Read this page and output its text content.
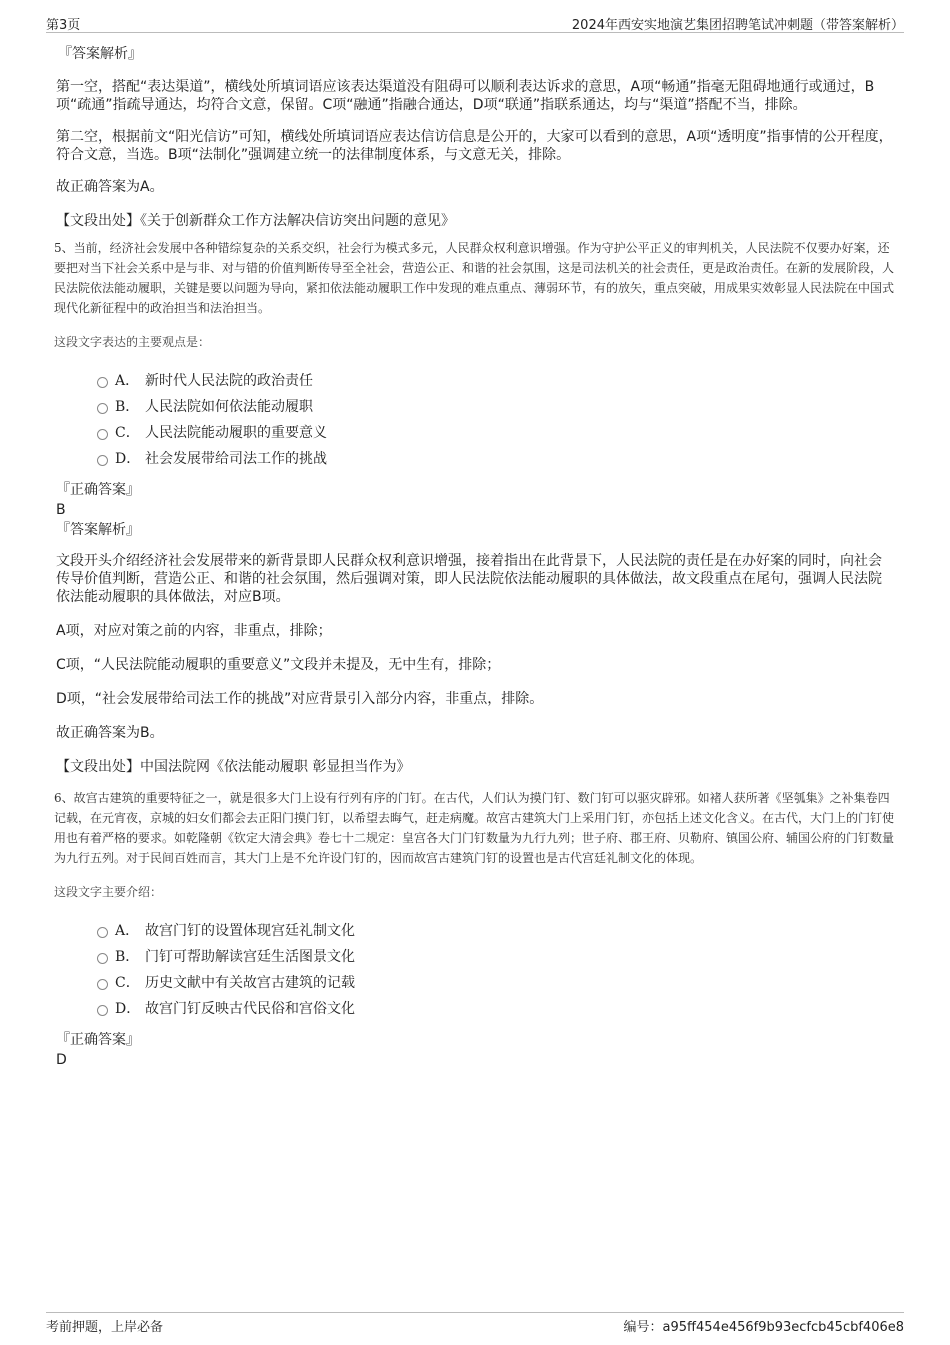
第3页	2024年西安实地演艺集团招聘笔试冲刺题（带答案解析）

『答案解析』

第一空，搭配“表达渠道”，横线处所填词语应该表达渠道没有阻碍可以顺利表达诉求的意思，A项“畅通”指毫无阻碍地通行或通过，B项“疏通”指疏导通达，均符合文意，保留。C项“融通”指融合通达，D项“联通”指联系通达，均与“渠道”搭配不当，排除。

第二空，根据前文“阳光信访”可知，横线处所填词语应表达信访信息是公开的，大家可以看到的意思，A项“透明度”指事情的公开程度，符合文意，当选。B项“法制化”强调建立统一的法律制度体系，与文意无关，排除。

故正确答案为A。

【文段出处】《关于创新群众工作方法解决信访突出问题的意见》

5、当前，经济社会发展中各种错综复杂的关系交织，社会行为模式多元，人民群众权利意识增强。作为守护公平正义的审判机关，人民法院不仅要办好案，还要把对当下社会关系中是与非、对与错的价值判断传导至全社会，营造公正、和谐的社会氛围，这是司法机关的社会责任，更是政治责任。在新的发展阶段，人民法院依法能动履职，关键是要以问题为导向，紧扣依法能动履职工作中发现的难点重点、薄弱环节，有的放矢，重点突破，用成果实效彰显人民法院在中国式现代化新征程中的政治担当和法治担当。

这段文字表达的主要观点是：

A． 新时代人民法院的政治责任
B． 人民法院如何依法能动履职
C． 人民法院能动履职的重要意义
D． 社会发展带给司法工作的挑战

『正确答案』

B

『答案解析』

文段开头介绍经济社会发展带来的新背景即人民群众权利意识增强，接着指出在此背景下，人民法院的责任是在办好案的同时，向社会传导价值判断，营造公正、和谐的社会氛围，然后强调对策，即人民法院依法能动履职的具体做法，故文段重点在尾句，强调人民法院依法能动履职的具体做法，对应B项。

A项，对应对策之前的内容，非重点，排除；

C项，“人民法院能动履职的重要意义”文段并未提及，无中生有，排除；

D项，“社会发展带给司法工作的挑战”对应背景引入部分内容，非重点，排除。

故正确答案为B。

【文段出处】中国法院网《依法能动履职 彰显担当作为》

6、故宫古建筑的重要特征之一，就是很多大门上设有行列有序的门钉。在古代，人们认为摸门钉、数门钉可以驱灾辟邪。如褚人获所著《坚瓠集》之补集卷四记载，在元宵夜，京城的妇女们都会去正阳门摸门钉，以希望去晦气，赶走病魔。故宫古建筑大门上采用门钉，亦包括上述文化含义。在古代，大门上的门钉使用也有着严格的要求。如乾隆朝《钦定大清会典》卷七十二规定：皇宫各大门门钉数量为九行九列；世子府、郡王府、贝勒府、镇国公府、辅国公府的门钉数量为九行五列。对于民间百姓而言，其大门上是不允许设门钉的，因而故宫古建筑门钉的设置也是古代宫廷礼制文化的体现。

这段文字主要介绍：

A． 故宫门钉的设置体现宫廷礼制文化
B． 门钉可帮助解读宫廷生活图景文化
C． 历史文献中有关故宫古建筑的记载
D． 故宫门钉反映古代民俗和宫俗文化

『正确答案』

D

考前押题，上岸必备	编号：a95ff454e456f9b93ecfcb45cbf406e8
